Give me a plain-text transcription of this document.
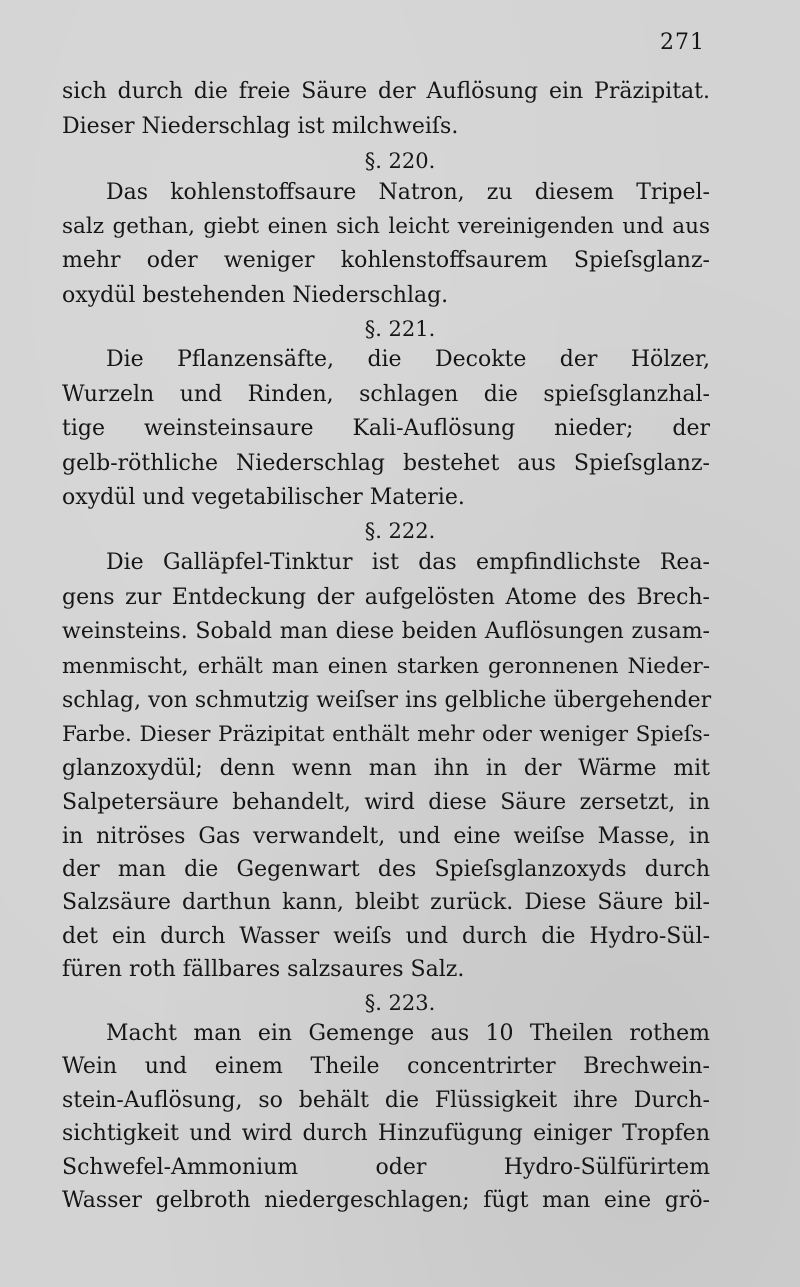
271
sich durch die freie Säure der Auflösung ein Präzipitat.
Dieser Niederschlag ist milchweiſs.
§. 220.
Das kohlenstoffsaure Natron, zu diesem Tripel-
salz gethan, giebt einen sich leicht vereinigenden und aus
mehr oder weniger kohlenstoffsaurem Spieſsglanz-
oxydül bestehenden Niederschlag.
§. 221.
Die Pflanzensäfte, die Decokte der Hölzer,
Wurzeln und Rinden, schlagen die spieſsglanzhal-
tige weinsteinsaure Kali-Auflösung nieder; der
gelb-röthliche Niederschlag bestehet aus Spieſsglanz-
oxydül und vegetabilischer Materie.
§. 222.
Die Galläpfel-Tinktur ist das empfindlichste Rea-
gens zur Entdeckung der aufgelösten Atome des Brech-
weinsteins. Sobald man diese beiden Auflösungen zusam-
menmischt, erhält man einen starken geronnenen Nieder-
schlag, von schmutzig weiſser ins gelbliche übergehender
Farbe. Dieser Präzipitat enthält mehr oder weniger Spieſs-
glanzoxydül; denn wenn man ihn in der Wärme mit
Salpetersäure behandelt, wird diese Säure zersetzt, in
in nitröses Gas verwandelt, und eine weiſse Masse, in
der man die Gegenwart des Spieſsglanzoxyds durch
Salzsäure darthun kann, bleibt zurück. Diese Säure bil-
det ein durch Wasser weiſs und durch die Hydro-Sül-
füren roth fällbares salzsaures Salz.
§. 223.
Macht man ein Gemenge aus 10 Theilen rothem
Wein und einem Theile concentrirter Brechwein-
stein-Auflösung, so behält die Flüssigkeit ihre Durch-
sichtigkeit und wird durch Hinzufügung einiger Tropfen
Schwefel-Ammonium oder Hydro-Sülfürirtem
Wasser gelbroth niedergeschlagen; fügt man eine grö-
